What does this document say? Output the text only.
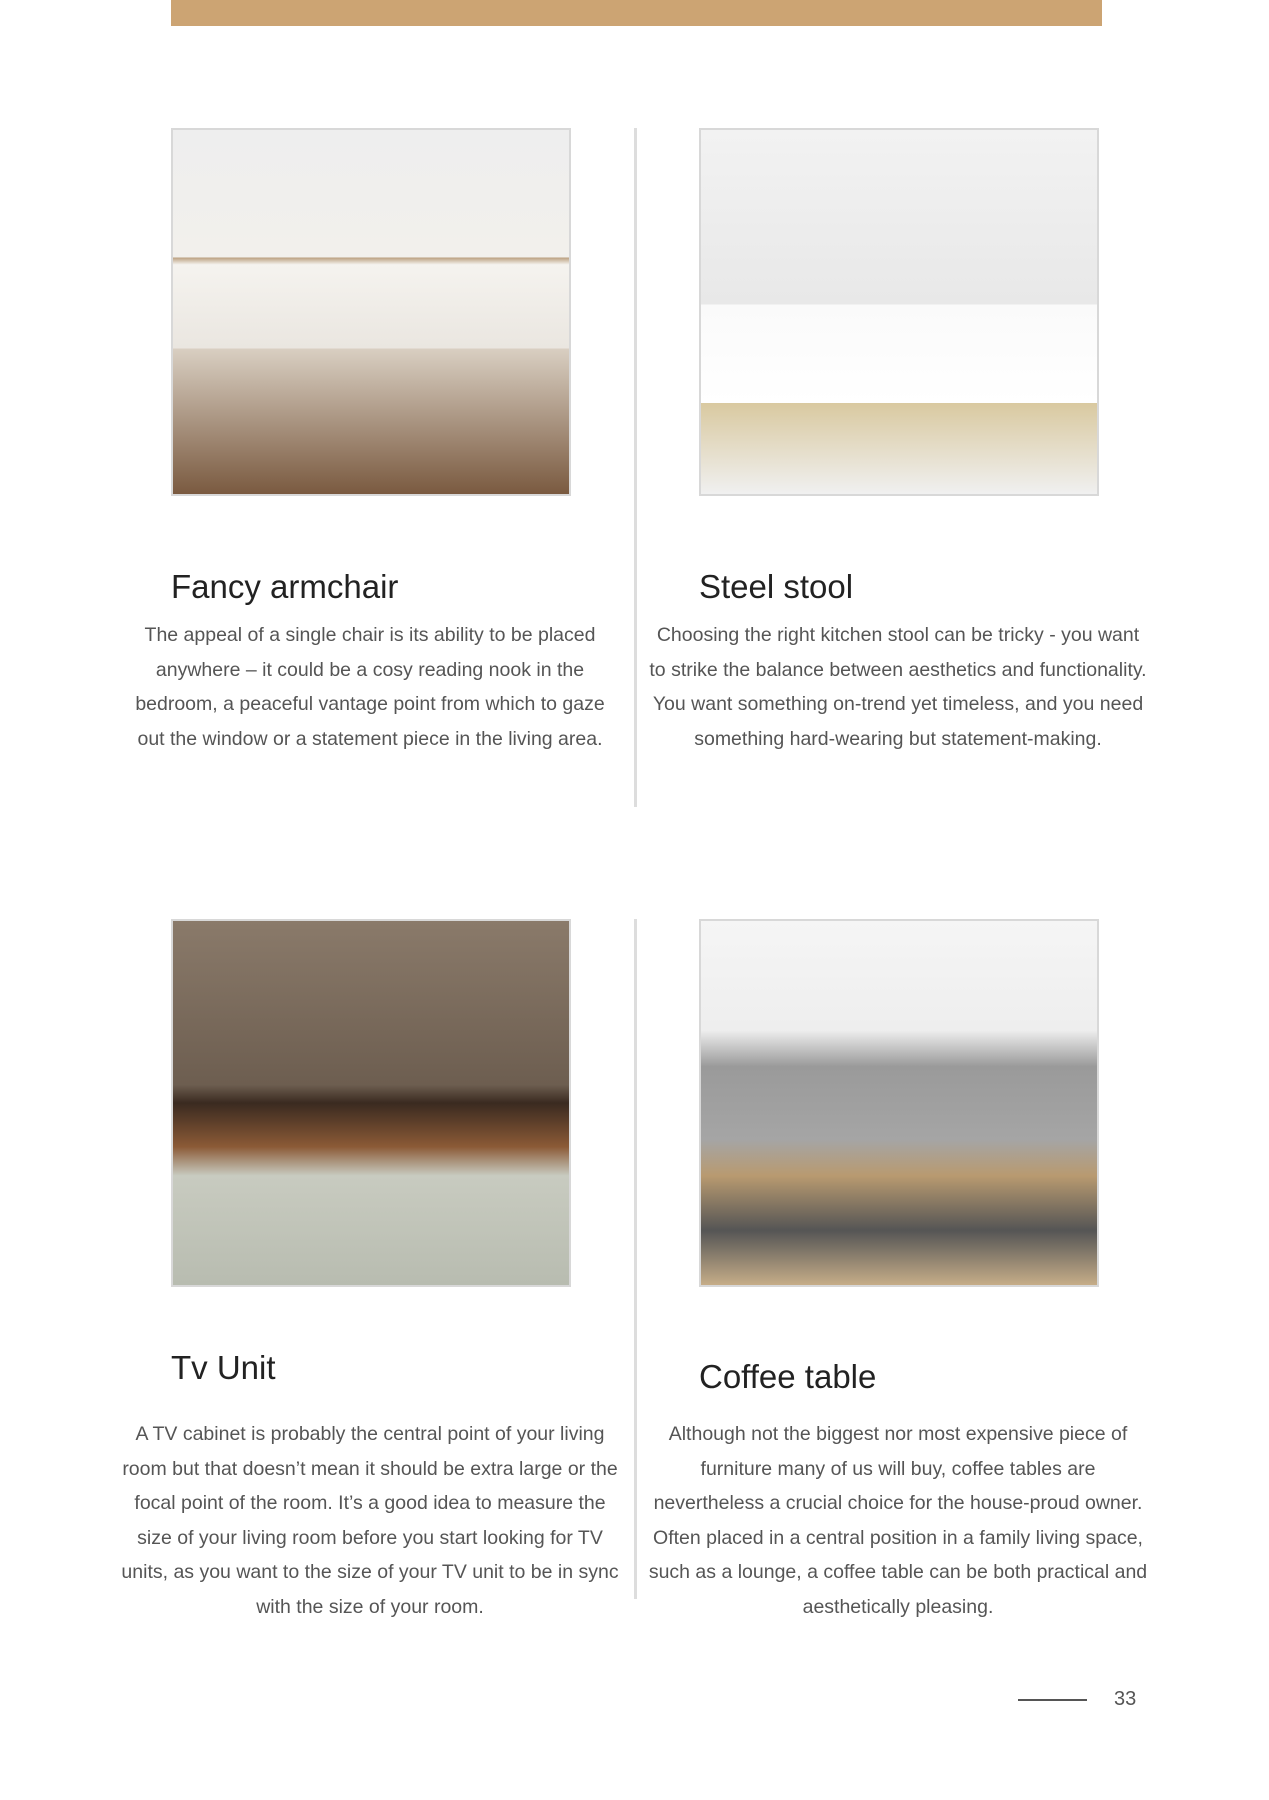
Fancy armchair

The appeal of a single chair is its ability to be placed anywhere – it could be a cosy reading nook in the bedroom, a peaceful vantage point from which to gaze out the window or a statement piece in the living area.

Steel stool

Choosing the right kitchen stool can be tricky - you want to strike the balance between aesthetics and functionality. You want something on-trend yet timeless, and you need something hard-wearing but statement-making.

Tv Unit

A TV cabinet is probably the central point of your living room but that doesn’t mean it should be extra large or the focal point of the room. It’s a good idea to measure the size of your living room before you start looking for TV units, as you want to the size of your TV unit to be in sync with the size of your room.

Coffee table

Although not the biggest nor most expensive piece of furniture many of us will buy, coffee tables are nevertheless a crucial choice for the house-proud owner. Often placed in a central position in a family living space, such as a lounge, a coffee table can be both practical and aesthetically pleasing.

33
